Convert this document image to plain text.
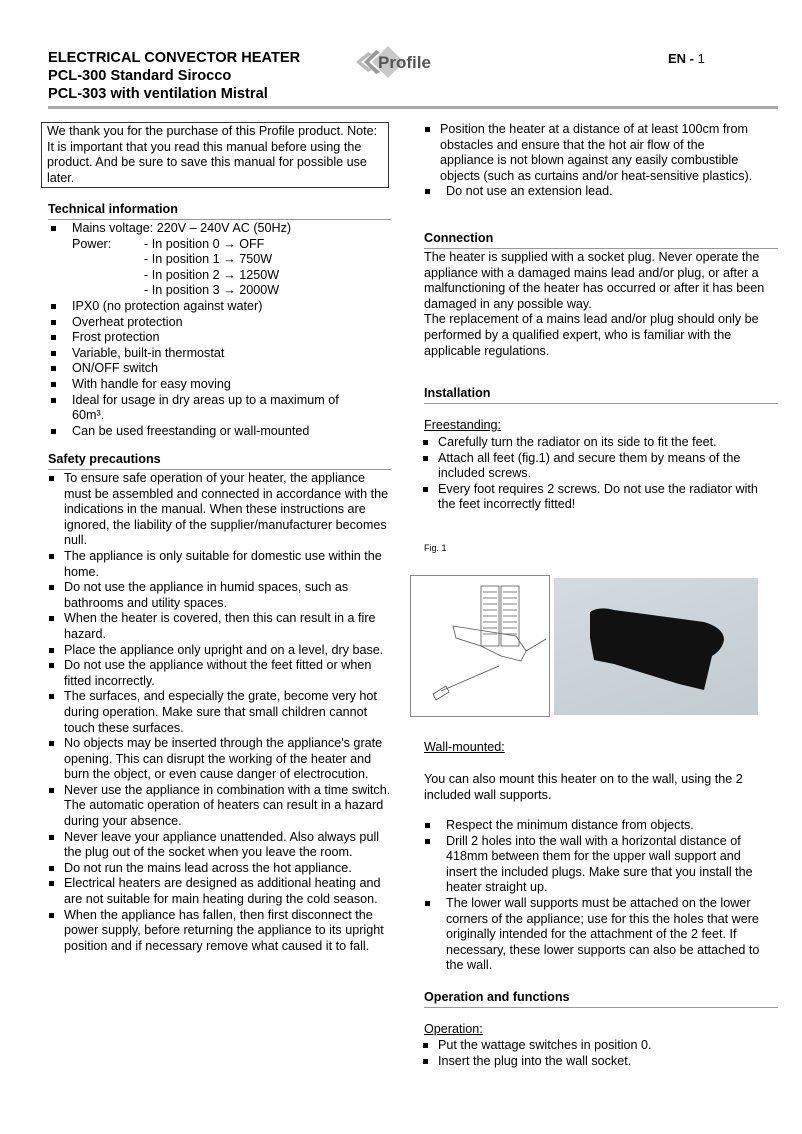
ELECTRICAL CONVECTOR HEATER
PCL-300 Standard Sirocco
PCL-303 with ventilation Mistral
Profile	EN - 1
We thank you for the purchase of this Profile product. Note: It is important that you read this manual before using the product. And be sure to save this manual for possible use later.
Technical information
Mains voltage: 220V – 240V AC (50Hz)
Power:	- In position 0 → OFF
- In position 1 → 750W
- In position 2 → 1250W
- In position 3 → 2000W
IPX0 (no protection against water)
Overheat protection
Frost protection
Variable, built-in thermostat
ON/OFF switch
With handle for easy moving
Ideal for usage in dry areas up to a maximum of 60m³.
Can be used freestanding or wall-mounted
Safety precautions
To ensure safe operation of your heater, the appliance must be assembled and connected in accordance with the indications in the manual. When these instructions are ignored, the liability of the supplier/manufacturer becomes null.
The appliance is only suitable for domestic use within the home.
Do not use the appliance in humid spaces, such as bathrooms and utility spaces.
When the heater is covered, then this can result in a fire hazard.
Place the appliance only upright and on a level, dry base.
Do not use the appliance without the feet fitted or when fitted incorrectly.
The surfaces, and especially the grate, become very hot during operation. Make sure that small children cannot touch these surfaces.
No objects may be inserted through the appliance's grate opening. This can disrupt the working of the heater and burn the object, or even cause danger of electrocution.
Never use the appliance in combination with a time switch. The automatic operation of heaters can result in a hazard during your absence.
Never leave your appliance unattended. Also always pull the plug out of the socket when you leave the room.
Do not run the mains lead across the hot appliance.
Electrical heaters are designed as additional heating and are not suitable for main heating during the cold season.
When the appliance has fallen, then first disconnect the power supply, before returning the appliance to its upright position and if necessary remove what caused it to fall.
Position the heater at a distance of at least 100cm from obstacles and ensure that the hot air flow of the appliance is not blown against any easily combustible objects (such as curtains and/or heat-sensitive plastics).
Do not use an extension lead.
Connection
The heater is supplied with a socket plug. Never operate the appliance with a damaged mains lead and/or plug, or after a malfunctioning of the heater has occurred or after it has been damaged in any possible way.
The replacement of a mains lead and/or plug should only be performed by a qualified expert, who is familiar with the applicable regulations.
Installation
Freestanding:
Carefully turn the radiator on its side to fit the feet.
Attach all feet (fig.1) and secure them by means of the included screws.
Every foot requires 2 screws. Do not use the radiator with the feet incorrectly fitted!
Fig. 1
Wall-mounted:
You can also mount this heater on to the wall, using the 2 included wall supports.
Respect the minimum distance from objects.
Drill 2 holes into the wall with a horizontal distance of 418mm between them for the upper wall support and insert the included plugs. Make sure that you install the heater straight up.
The lower wall supports must be attached on the lower corners of the appliance; use for this the holes that were originally intended for the attachment of the 2 feet. If necessary, these lower supports can also be attached to the wall.
Operation and functions
Operation:
Put the wattage switches in position 0.
Insert the plug into the wall socket.
